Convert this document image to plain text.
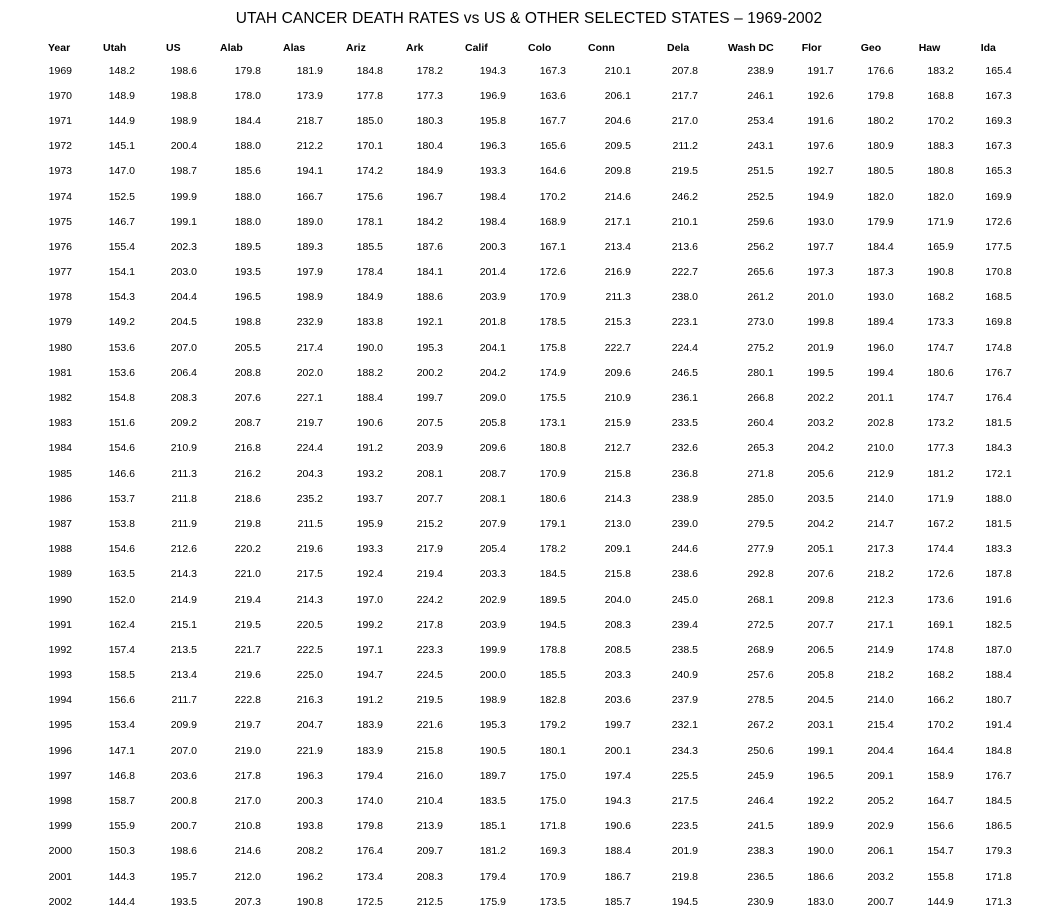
UTAH CANCER DEATH RATES vs US & OTHER SELECTED STATES – 1969-2002
Year	Utah	US	Alab	Alas	Ariz	Ark	Calif	Colo	Conn	Dela	Wash DC	Flor	Geo	Haw	Ida
1969	148.2	198.6	179.8	181.9	184.8	178.2	194.3	167.3	210.1	207.8	238.9	191.7	176.6	183.2	165.4
1970	148.9	198.8	178.0	173.9	177.8	177.3	196.9	163.6	206.1	217.7	246.1	192.6	179.8	168.8	167.3
1971	144.9	198.9	184.4	218.7	185.0	180.3	195.8	167.7	204.6	217.0	253.4	191.6	180.2	170.2	169.3
1972	145.1	200.4	188.0	212.2	170.1	180.4	196.3	165.6	209.5	211.2	243.1	197.6	180.9	188.3	167.3
1973	147.0	198.7	185.6	194.1	174.2	184.9	193.3	164.6	209.8	219.5	251.5	192.7	180.5	180.8	165.3
1974	152.5	199.9	188.0	166.7	175.6	196.7	198.4	170.2	214.6	246.2	252.5	194.9	182.0	182.0	169.9
1975	146.7	199.1	188.0	189.0	178.1	184.2	198.4	168.9	217.1	210.1	259.6	193.0	179.9	171.9	172.6
1976	155.4	202.3	189.5	189.3	185.5	187.6	200.3	167.1	213.4	213.6	256.2	197.7	184.4	165.9	177.5
1977	154.1	203.0	193.5	197.9	178.4	184.1	201.4	172.6	216.9	222.7	265.6	197.3	187.3	190.8	170.8
1978	154.3	204.4	196.5	198.9	184.9	188.6	203.9	170.9	211.3	238.0	261.2	201.0	193.0	168.2	168.5
1979	149.2	204.5	198.8	232.9	183.8	192.1	201.8	178.5	215.3	223.1	273.0	199.8	189.4	173.3	169.8
1980	153.6	207.0	205.5	217.4	190.0	195.3	204.1	175.8	222.7	224.4	275.2	201.9	196.0	174.7	174.8
1981	153.6	206.4	208.8	202.0	188.2	200.2	204.2	174.9	209.6	246.5	280.1	199.5	199.4	180.6	176.7
1982	154.8	208.3	207.6	227.1	188.4	199.7	209.0	175.5	210.9	236.1	266.8	202.2	201.1	174.7	176.4
1983	151.6	209.2	208.7	219.7	190.6	207.5	205.8	173.1	215.9	233.5	260.4	203.2	202.8	173.2	181.5
1984	154.6	210.9	216.8	224.4	191.2	203.9	209.6	180.8	212.7	232.6	265.3	204.2	210.0	177.3	184.3
1985	146.6	211.3	216.2	204.3	193.2	208.1	208.7	170.9	215.8	236.8	271.8	205.6	212.9	181.2	172.1
1986	153.7	211.8	218.6	235.2	193.7	207.7	208.1	180.6	214.3	238.9	285.0	203.5	214.0	171.9	188.0
1987	153.8	211.9	219.8	211.5	195.9	215.2	207.9	179.1	213.0	239.0	279.5	204.2	214.7	167.2	181.5
1988	154.6	212.6	220.2	219.6	193.3	217.9	205.4	178.2	209.1	244.6	277.9	205.1	217.3	174.4	183.3
1989	163.5	214.3	221.0	217.5	192.4	219.4	203.3	184.5	215.8	238.6	292.8	207.6	218.2	172.6	187.8
1990	152.0	214.9	219.4	214.3	197.0	224.2	202.9	189.5	204.0	245.0	268.1	209.8	212.3	173.6	191.6
1991	162.4	215.1	219.5	220.5	199.2	217.8	203.9	194.5	208.3	239.4	272.5	207.7	217.1	169.1	182.5
1992	157.4	213.5	221.7	222.5	197.1	223.3	199.9	178.8	208.5	238.5	268.9	206.5	214.9	174.8	187.0
1993	158.5	213.4	219.6	225.0	194.7	224.5	200.0	185.5	203.3	240.9	257.6	205.8	218.2	168.2	188.4
1994	156.6	211.7	222.8	216.3	191.2	219.5	198.9	182.8	203.6	237.9	278.5	204.5	214.0	166.2	180.7
1995	153.4	209.9	219.7	204.7	183.9	221.6	195.3	179.2	199.7	232.1	267.2	203.1	215.4	170.2	191.4
1996	147.1	207.0	219.0	221.9	183.9	215.8	190.5	180.1	200.1	234.3	250.6	199.1	204.4	164.4	184.8
1997	146.8	203.6	217.8	196.3	179.4	216.0	189.7	175.0	197.4	225.5	245.9	196.5	209.1	158.9	176.7
1998	158.7	200.8	217.0	200.3	174.0	210.4	183.5	175.0	194.3	217.5	246.4	192.2	205.2	164.7	184.5
1999	155.9	200.7	210.8	193.8	179.8	213.9	185.1	171.8	190.6	223.5	241.5	189.9	202.9	156.6	186.5
2000	150.3	198.6	214.6	208.2	176.4	209.7	181.2	169.3	188.4	201.9	238.3	190.0	206.1	154.7	179.3
2001	144.3	195.7	212.0	196.2	173.4	208.3	179.4	170.9	186.7	219.8	236.5	186.6	203.2	155.8	171.8
2002	144.4	193.5	207.3	190.8	172.5	212.5	175.9	173.5	185.7	194.5	230.9	183.0	200.7	144.9	171.3
